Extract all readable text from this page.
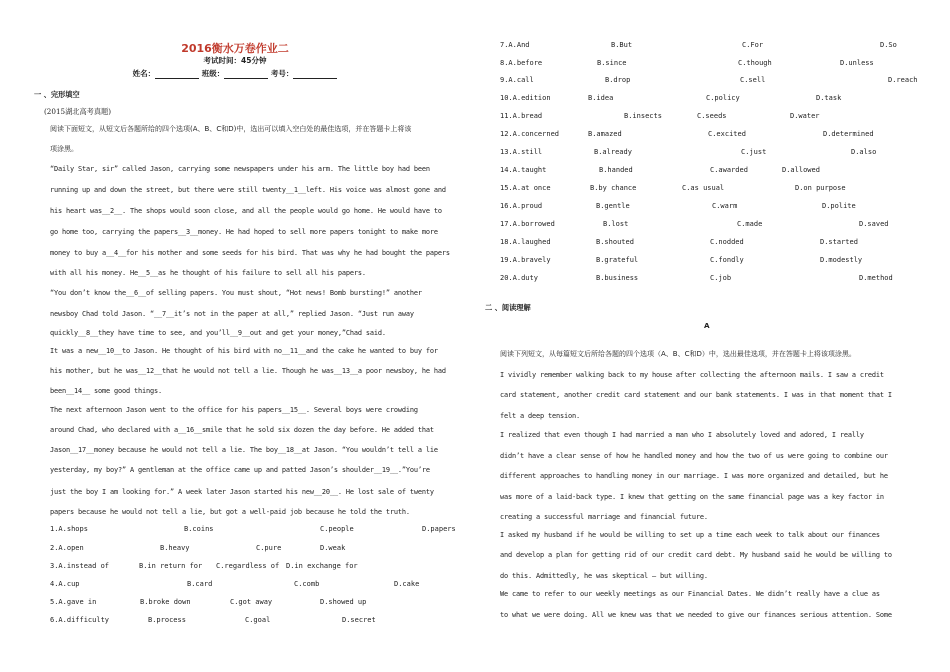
2016衡水万卷作业二
考试时间：45分钟
姓名：	班级：	考号：
一 、完形填空
(2015湖北高考真题)
阅读下面短文，从短文后各题所给的四个选项(A、B、C和D)中，选出可以填入空白处的最佳选项，并在答题卡上将该
项涂黑。
“Daily Star, sir” called Jason, carrying some newspapers under his arm. The little boy had been
running up and down the street, but there were still twenty__1__left. His voice was almost gone and
his heart was__2__. The shops would soon close, and all the people would go home. He would have to
go home too, carrying the papers__3__money. He had hoped to sell more papers tonight to make more
money to buy a__4__for his mother and some seeds for his bird. That was why he had bought the papers
with all his money. He__5__as he thought of his failure to sell all his papers.
“You don’t know the__6__of selling papers. You must shout, “Hot news! Bomb bursting!” another
newsboy Chad told Jason. “__7__it’s not in the paper at all,” replied Jason. “Just run away
quickly__8__they have time to see, and you’ll__9__out and get your money,”Chad said.
It was a new__10__to Jason. He thought of his bird with no__11__and the cake he wanted to buy for
his mother, but he was__12__that he would not tell a lie. Though he was__13__a poor newsboy, he had
been__14__ some good things.
The next afternoon Jason went to the office for his papers__15__. Several boys were crowding
around Chad, who declared with a__16__smile that he sold six dozen the day before. He added that
Jason__17__money because he would not tell a lie. The boy__18__at Jason. “You wouldn’t tell a lie
yesterday, my boy?” A gentleman at the office came up and patted Jason’s shoulder__19__.”You’re
just the boy I am looking for.” A week later Jason started his new__20__. He lost sale of twenty
papers because he would not tell a lie, but got a well-paid job because he told the truth.
1.A.shops	B.coins	C.people	D.papers
2.A.open	B.heavy	C.pure	D.weak
3.A.instead of	B.in return for C.regardless of D.in exchange for
4.A.cup	B.card	C.comb	D.cake
5.A.gave in	B.broke down	C.got away	D.showed up
6.A.difficulty	B.process	C.goal	D.secret
7.A.And	B.But	C.For	D.So
8.A.before	B.since	C.though	D.unless
9.A.call	B.drop	C.sell	D.reach
10.A.edition	B.idea	C.policy	D.task
11.A.bread	B.insects	C.seeds	D.water
12.A.concerned	B.amazed	C.excited	D.determined
13.A.still	B.already	C.just	D.also
14.A.taught	B.handed	C.awarded	D.allowed
15.A.at once	B.by chance	C.as usual	D.on purpose
16.A.proud	B.gentle	C.warm	D.polite
17.A.borrowed	B.lost	C.made	D.saved
18.A.laughed	B.shouted	C.nodded	D.started
19.A.bravely	B.grateful	C.fondly	D.modestly
20.A.duty	B.business	C.job	D.method
二 、阅读理解
A
阅读下列短文，从每篇短文后所给各题的四个选项（A、B、C和D）中，选出最佳选项，并在答题卡上将该项涂黑。
I vividly remember walking back to my house after collecting the afternoon mails. I saw a credit
card statement, another credit card statement and our bank statements. I was in that moment that I
felt a deep tension.
I realized that even though I had married a man who I absolutely loved and adored, I really
didn’t have a clear sense of how he handled money and how the two of us were going to combine our
different approaches to handling money in our marriage. I was more organized and detailed, but he
was more of a laid-back type. I knew that getting on the same financial page was a key factor in
creating a successful marriage and financial future.
I asked my husband if he would be willing to set up a time each week to talk about our finances
and develop a plan for getting rid of our credit card debt. My husband said he would be willing to
do this. Admittedly, he was skeptical — but willing.
We came to refer to our weekly meetings as our Financial Dates. We didn’t really have a clue as
to what we were doing. All we knew was that we needed to give our finances serious attention. Some
